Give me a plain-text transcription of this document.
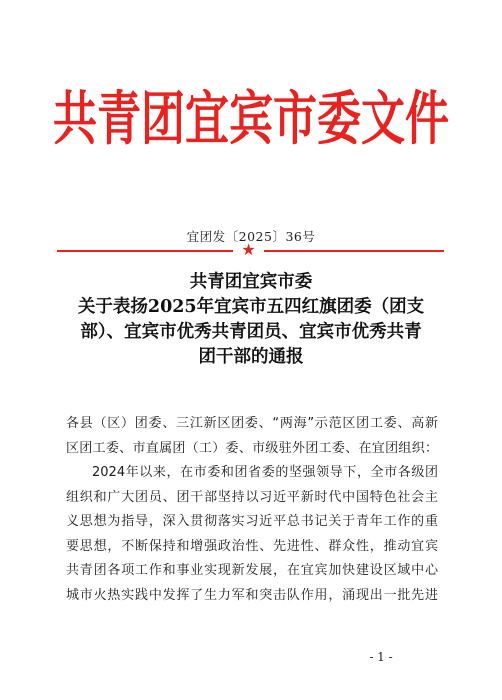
共青团宜宾市委文件
宜团发〔2025〕36号
★
共青团宜宾市委
关于表扬2025年宜宾市五四红旗团委（团支
部）、宜宾市优秀共青团员、宜宾市优秀共青
团干部的通报
各县（区）团委、三江新区团委、“两海”示范区团工委、高新
区团工委、市直属团（工）委、市级驻外团工委、在宜团组织：
2024年以来，在市委和团省委的坚强领导下，全市各级团
组织和广大团员、团干部坚持以习近平新时代中国特色社会主
义思想为指导，深入贯彻落实习近平总书记关于青年工作的重
要思想，不断保持和增强政治性、先进性、群众性，推动宜宾
共青团各项工作和事业实现新发展，在宜宾加快建设区域中心
城市火热实践中发挥了生力军和突击队作用，涌现出一批先进
- 1 -
